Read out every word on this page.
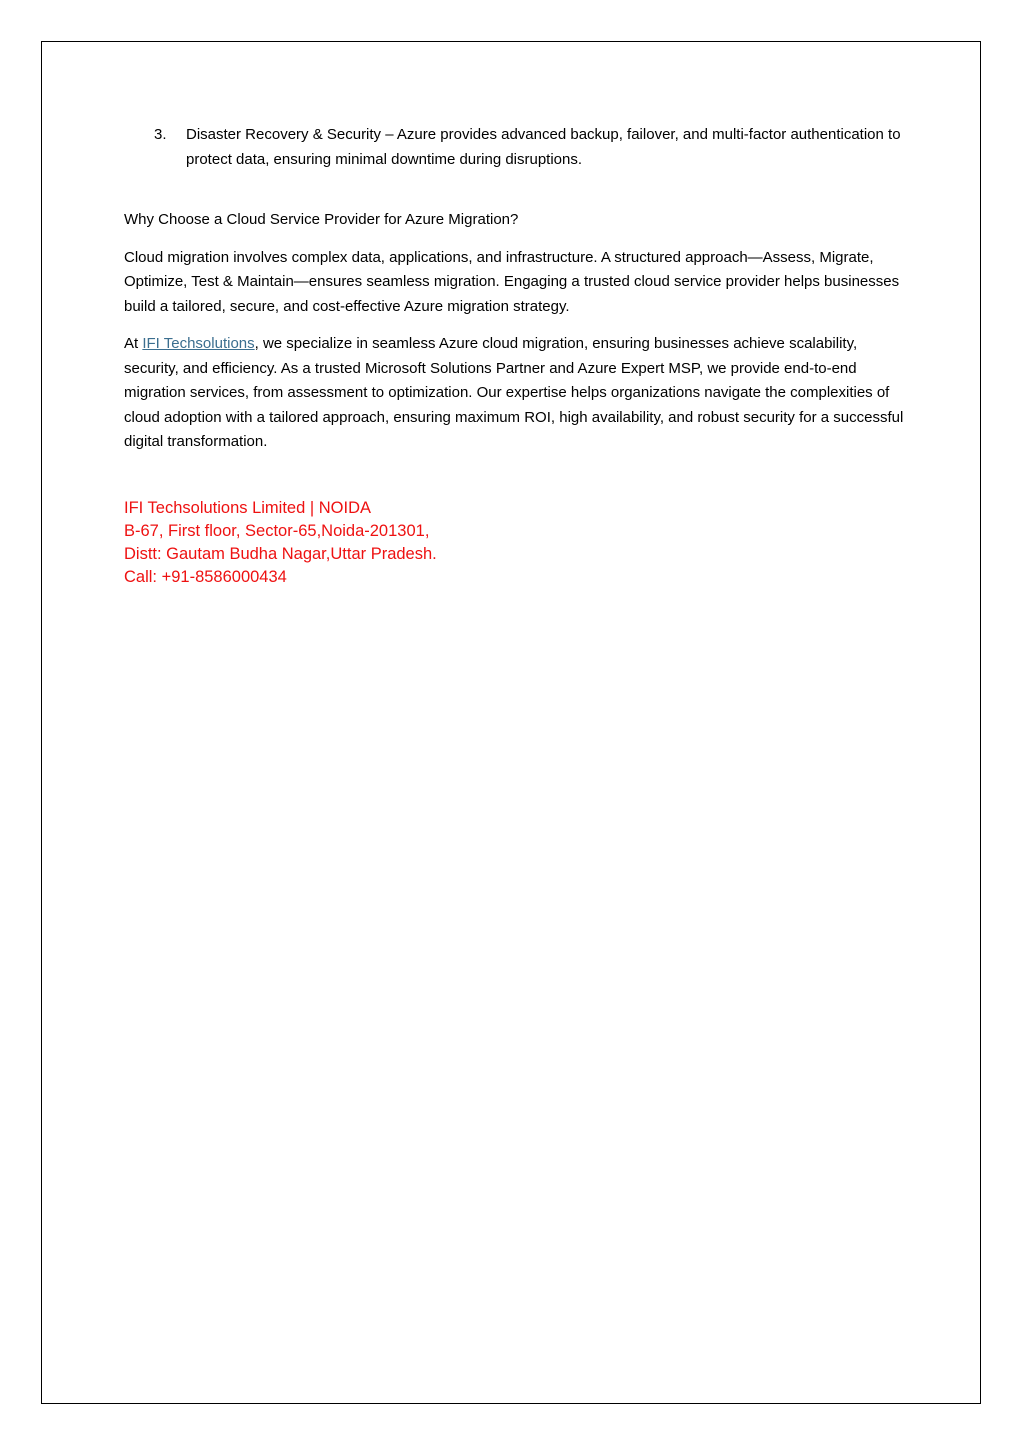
3. Disaster Recovery & Security – Azure provides advanced backup, failover, and multi-factor authentication to protect data, ensuring minimal downtime during disruptions.

Why Choose a Cloud Service Provider for Azure Migration?

Cloud migration involves complex data, applications, and infrastructure. A structured approach—Assess, Migrate, Optimize, Test & Maintain—ensures seamless migration. Engaging a trusted cloud service provider helps businesses build a tailored, secure, and cost-effective Azure migration strategy.

At IFI Techsolutions, we specialize in seamless Azure cloud migration, ensuring businesses achieve scalability, security, and efficiency. As a trusted Microsoft Solutions Partner and Azure Expert MSP, we provide end-to-end migration services, from assessment to optimization. Our expertise helps organizations navigate the complexities of cloud adoption with a tailored approach, ensuring maximum ROI, high availability, and robust security for a successful digital transformation.

IFI Techsolutions Limited | NOIDA
B-67, First floor, Sector-65,Noida-201301,
Distt: Gautam Budha Nagar,Uttar Pradesh.
Call: +91-8586000434
